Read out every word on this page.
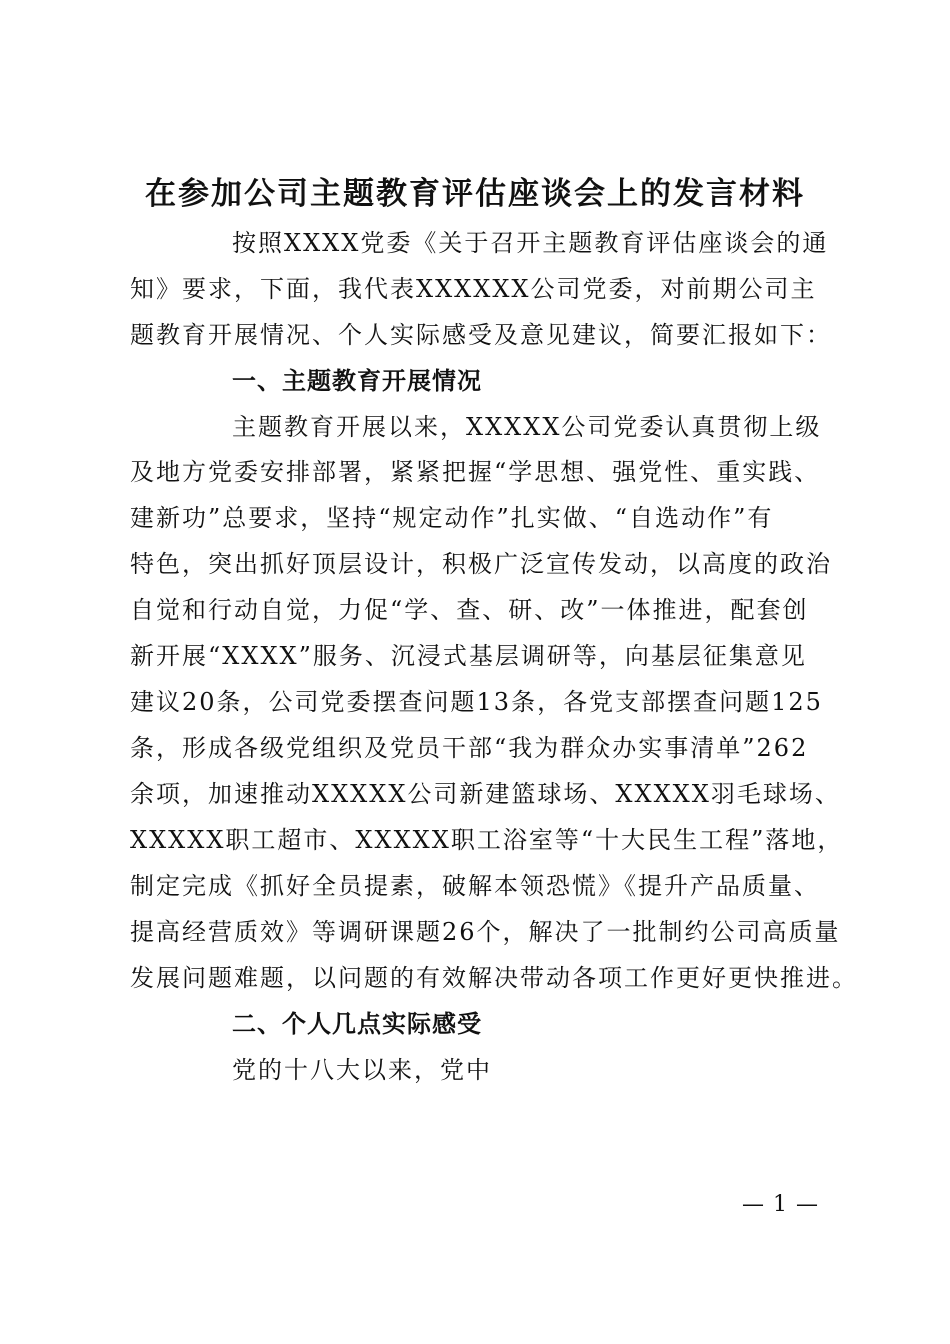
在参加公司主题教育评估座谈会上的发言材料
按照XXXX党委《关于召开主题教育评估座谈会的通
知》要求，下面，我代表XXXXXX公司党委，对前期公司主
题教育开展情况、个人实际感受及意见建议，简要汇报如下：
一、主题教育开展情况
主题教育开展以来，XXXXX公司党委认真贯彻上级
及地方党委安排部署，紧紧把握“学思想、强党性、重实践、
建新功”总要求，坚持“规定动作”扎实做、“自选动作”有
特色，突出抓好顶层设计，积极广泛宣传发动，以高度的政治
自觉和行动自觉，力促“学、查、研、改”一体推进，配套创
新开展“XXXX”服务、沉浸式基层调研等，向基层征集意见
建议20条，公司党委摆查问题13条，各党支部摆查问题125
条，形成各级党组织及党员干部“我为群众办实事清单”262
余项，加速推动XXXXX公司新建篮球场、XXXXX羽毛球场、
XXXXX职工超市、XXXXX职工浴室等“十大民生工程”落地，
制定完成《抓好全员提素，破解本领恐慌》《提升产品质量、
提高经营质效》等调研课题26个，解决了一批制约公司高质量
发展问题难题，以问题的有效解决带动各项工作更好更快推进。
二、个人几点实际感受
党的十八大以来，党中
— 1 —
